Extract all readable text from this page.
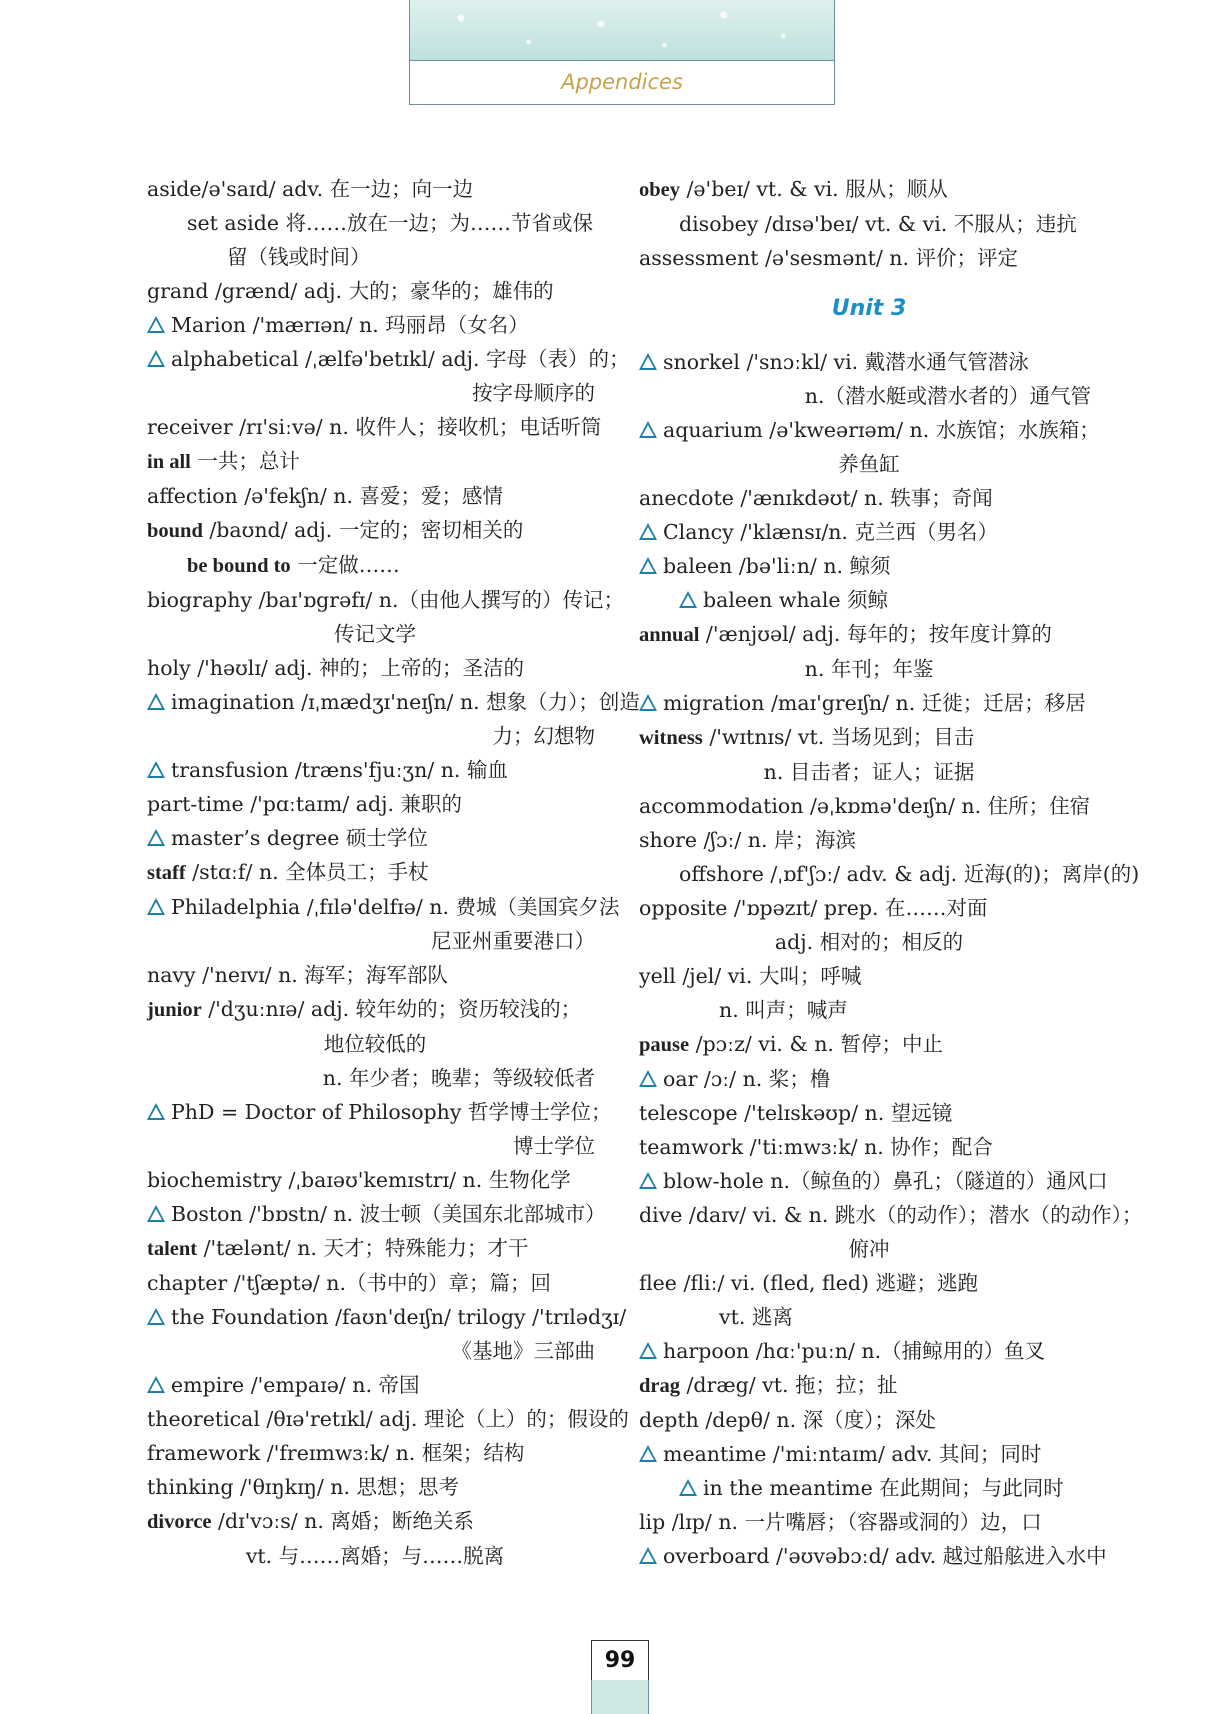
Appendices
aside/ə'saɪd/ adv. 在一边；向一边
set aside 将……放在一边；为……节省或保
留（钱或时间）
grand /grænd/ adj. 大的；豪华的；雄伟的
Marion /'mærɪən/ n. 玛丽昂（女名）
alphabetical /ˌælfə'betɪkl/ adj. 字母（表）的；
按字母顺序的
receiver /rɪ'siːvə/ n. 收件人；接收机；电话听筒
in all 一共；总计
affection /ə'fekʃn/ n. 喜爱；爱；感情
bound /baʊnd/ adj. 一定的；密切相关的
be bound to 一定做……
biography /baɪ'ɒgrəfɪ/ n.（由他人撰写的）传记；
传记文学
holy /'həʊlɪ/ adj. 神的；上帝的；圣洁的
imagination /ɪˌmædʒɪ'neɪʃn/ n. 想象（力）；创造
力；幻想物
transfusion /træns'fjuːʒn/ n. 输血
part-time /'pɑːtaɪm/ adj. 兼职的
master’s degree 硕士学位
staff /stɑːf/ n. 全体员工；手杖
Philadelphia /ˌfɪlə'delfɪə/ n. 费城（美国宾夕法
尼亚州重要港口）
navy /'neɪvɪ/ n. 海军；海军部队
junior /'dʒuːnɪə/ adj. 较年幼的；资历较浅的；
地位较低的
n. 年少者；晚辈；等级较低者
PhD = Doctor of Philosophy 哲学博士学位；
博士学位
biochemistry /ˌbaɪəʊ'kemɪstrɪ/ n. 生物化学
Boston /'bɒstn/ n. 波士顿（美国东北部城市）
talent /'tælənt/ n. 天才；特殊能力；才干
chapter /'tʃæptə/ n.（书中的）章；篇；回
the Foundation /faʊn'deɪʃn/ trilogy /'trɪlədʒɪ/
《基地》三部曲
empire /'empaɪə/ n. 帝国
theoretical /θɪə'retɪkl/ adj. 理论（上）的；假设的
framework /'freɪmwɜːk/ n. 框架；结构
thinking /'θɪŋkɪŋ/ n. 思想；思考
divorce /dɪ'vɔːs/ n. 离婚；断绝关系
vt. 与……离婚；与……脱离
obey /ə'beɪ/ vt. & vi. 服从；顺从
disobey /dɪsə'beɪ/ vt. & vi. 不服从；违抗
assessment /ə'sesmənt/ n. 评价；评定
Unit 3
snorkel /'snɔːkl/ vi. 戴潜水通气管潜泳
n.（潜水艇或潜水者的）通气管
aquarium /ə'kweərɪəm/ n. 水族馆；水族箱；
养鱼缸
anecdote /'ænɪkdəʊt/ n. 轶事；奇闻
Clancy /'klænsɪ/n. 克兰西（男名）
baleen /bə'liːn/ n. 鲸须
baleen whale 须鲸
annual /'ænjʊəl/ adj. 每年的；按年度计算的
n. 年刊；年鉴
migration /maɪ'greɪʃn/ n. 迁徙；迁居；移居
witness /'wɪtnɪs/ vt. 当场见到；目击
n. 目击者；证人；证据
accommodation /əˌkɒmə'deɪʃn/ n. 住所；住宿
shore /ʃɔː/ n. 岸；海滨
offshore /ˌɒf'ʃɔː/ adv. & adj. 近海(的)；离岸(的)
opposite /'ɒpəzɪt/ prep. 在……对面
adj. 相对的；相反的
yell /jel/ vi. 大叫；呼喊
n. 叫声；喊声
pause /pɔːz/ vi. & n. 暂停；中止
oar /ɔː/ n. 桨；橹
telescope /'telɪskəʊp/ n. 望远镜
teamwork /'tiːmwɜːk/ n. 协作；配合
blow-hole n.（鲸鱼的）鼻孔；（隧道的）通风口
dive /daɪv/ vi. & n. 跳水（的动作）；潜水（的动作）；
俯冲
flee /fliː/ vi. (fled, fled) 逃避；逃跑
vt. 逃离
harpoon /hɑː'puːn/ n.（捕鲸用的）鱼叉
drag /dræg/ vt. 拖；拉；扯
depth /depθ/ n. 深（度）；深处
meantime /'miːntaɪm/ adv. 其间；同时
in the meantime 在此期间；与此同时
lip /lɪp/ n. 一片嘴唇；（容器或洞的）边，口
overboard /'əʊvəbɔːd/ adv. 越过船舷进入水中
99
